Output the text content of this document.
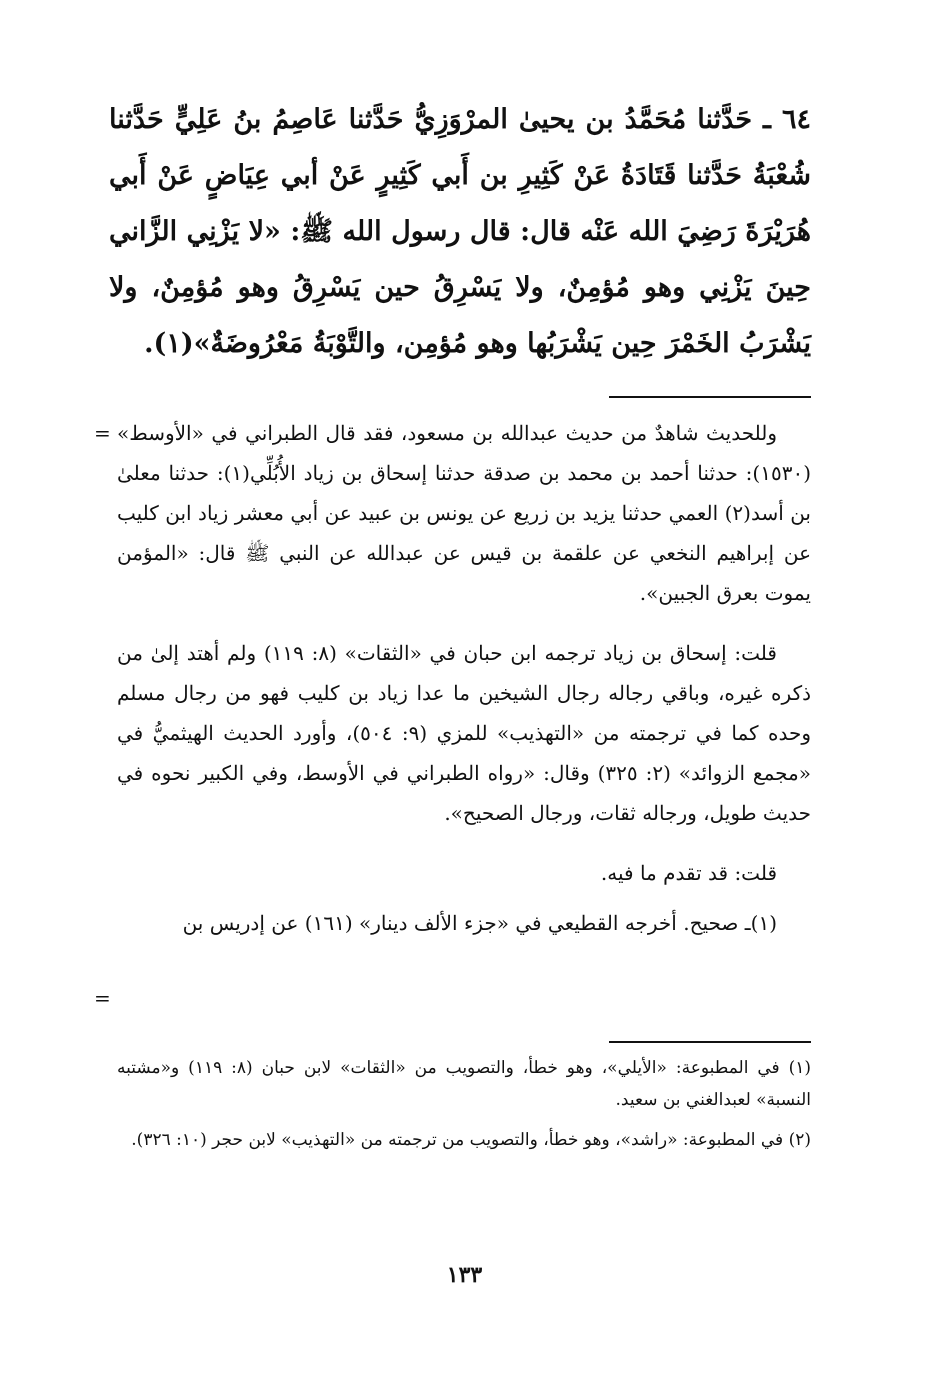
٦٤ ـ حَدَّثنا مُحَمَّدُ بن يحيىٰ المرْوَزِيُّ حَدَّثنا عَاصِمُ بنُ عَلِيٍّ حَدَّثنا شُعْبَةُ حَدَّثنا قَتَادَةُ عَنْ كَثِيرِ بن أَبي كَثِيرٍ عَنْ أبي عِيَاضٍ عَنْ أَبي هُرَيْرَةَ رَضِيَ الله عَنْه قال: قال رسول الله ﷺ: «لا يَزْنِي الزَّاني حِينَ يَزْنِي وهو مُؤمِنٌ، ولا يَسْرِقُ حين يَسْرِقُ وهو مُؤمِنٌ، ولا يَشْرَبُ الخَمْرَ حِين يَشْرَبُها وهو مُؤمِن، والتَّوْبَةُ مَعْرُوضَةٌ»(١).

= وللحديث شاهدٌ من حديث عبدالله بن مسعود، فقد قال الطبراني في «الأوسط» (١٥٣٠): حدثنا أحمد بن محمد بن صدقة حدثنا إسحاق بن زياد الأُبُلِّي(١): حدثنا معلىٰ بن أسد(٢) العمي حدثنا يزيد بن زريع عن يونس بن عبيد عن أبي معشر زياد ابن كليب عن إبراهيم النخعي عن علقمة بن قيس عن عبدالله عن النبي ﷺ قال: «المؤمن يموت بعرق الجبين».

قلت: إسحاق بن زياد ترجمه ابن حبان في «الثقات» (٨: ١١٩) ولم أهتد إلىٰ من ذكره غيره، وباقي رجاله رجال الشيخين ما عدا زياد بن كليب فهو من رجال مسلم وحده كما في ترجمته من «التهذيب» للمزي (٩: ٥٠٤)، وأورد الحديث الهيثميُّ في «مجمع الزوائد» (٢: ٣٢٥) وقال: «رواه الطبراني في الأوسط، وفي الكبير نحوه في حديث طويل، ورجاله ثقات، ورجال الصحيح».

قلت: قد تقدم ما فيه.

(١)ـ صحيح. أخرجه القطيعي في «جزء الألف دينار» (١٦١) عن إدريس بن

=

(١) في المطبوعة: «الأيلي»، وهو خطأ، والتصويب من «الثقات» لابن حبان (٨: ١١٩) و«مشتبه النسبة» لعبدالغني بن سعيد.

(٢) في المطبوعة: «راشد»، وهو خطأ، والتصويب من ترجمته من «التهذيب» لابن حجر (١٠: ٣٢٦).

١٣٣
